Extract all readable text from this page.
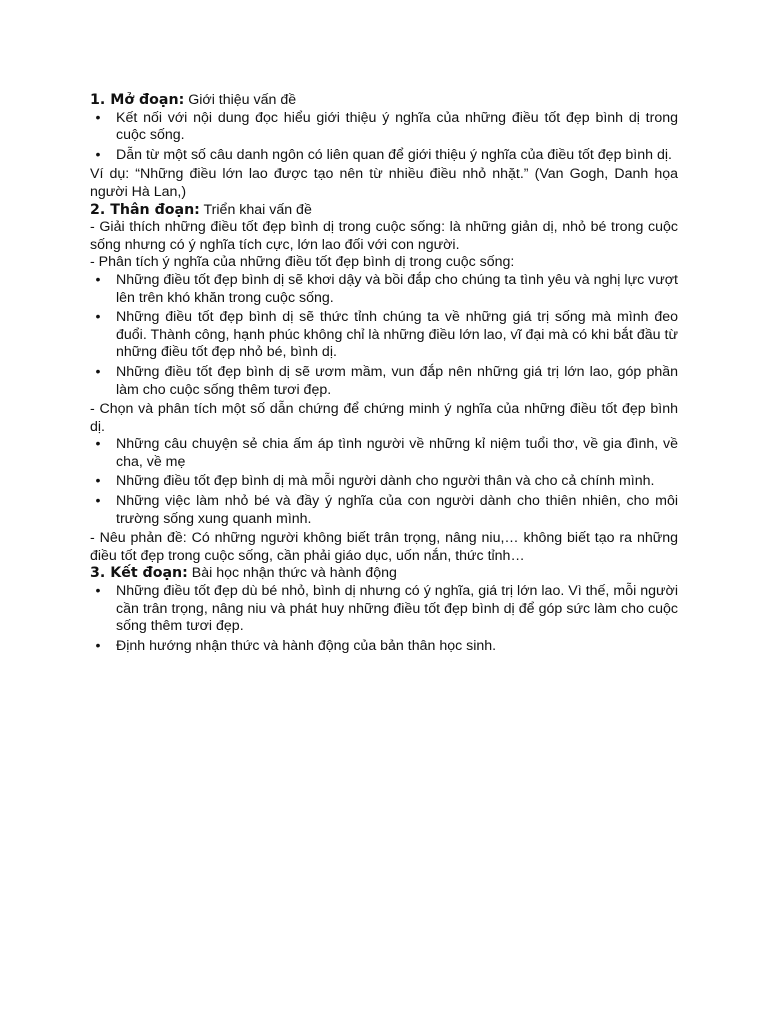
1. Mở đoạn: Giới thiệu vấn đề

• Kết nối với nội dung đọc hiểu giới thiệu ý nghĩa của những điều tốt đẹp bình dị trong cuộc sống.
• Dẫn từ một số câu danh ngôn có liên quan để giới thiệu ý nghĩa của điều tốt đẹp bình dị.

Ví dụ: “Những điều lớn lao được tạo nên từ nhiều điều nhỏ nhặt.” (Van Gogh, Danh họa người Hà Lan,)

2. Thân đoạn: Triển khai vấn đề

- Giải thích những điều tốt đẹp bình dị trong cuộc sống: là những giản dị, nhỏ bé trong cuộc sống nhưng có ý nghĩa tích cực, lớn lao đối với con người.

- Phân tích ý nghĩa của những điều tốt đẹp bình dị trong cuộc sống:

• Những điều tốt đẹp bình dị sẽ khơi dậy và bồi đắp cho chúng ta tình yêu và nghị lực vượt lên trên khó khăn trong cuộc sống.
• Những điều tốt đẹp bình dị sẽ thức tỉnh chúng ta về những giá trị sống mà mình đeo đuổi. Thành công, hạnh phúc không chỉ là những điều lớn lao, vĩ đại mà có khi bắt đầu từ những điều tốt đẹp nhỏ bé, bình dị.
• Những điều tốt đẹp bình dị sẽ ươm mầm, vun đắp nên những giá trị lớn lao, góp phần làm cho cuộc sống thêm tươi đẹp.

- Chọn và phân tích một số dẫn chứng để chứng minh ý nghĩa của những điều tốt đẹp bình dị.

• Những câu chuyện sẻ chia ấm áp tình người về những kỉ niệm tuổi thơ, về gia đình, về cha, về mẹ
• Những điều tốt đẹp bình dị mà mỗi người dành cho người thân và cho cả chính mình.
• Những việc làm nhỏ bé và đầy ý nghĩa của con người dành cho thiên nhiên, cho môi trường sống xung quanh mình.

- Nêu phản đề: Có những người không biết trân trọng, nâng niu,… không biết tạo ra những điều tốt đẹp trong cuộc sống, cần phải giáo dục, uốn nắn, thức tỉnh…

3. Kết đoạn: Bài học nhận thức và hành động

• Những điều tốt đẹp dù bé nhỏ, bình dị nhưng có ý nghĩa, giá trị lớn lao. Vì thế, mỗi người cần trân trọng, nâng niu và phát huy những điều tốt đẹp bình dị để góp sức làm cho cuộc sống thêm tươi đẹp.
• Định hướng nhận thức và hành động của bản thân học sinh.
